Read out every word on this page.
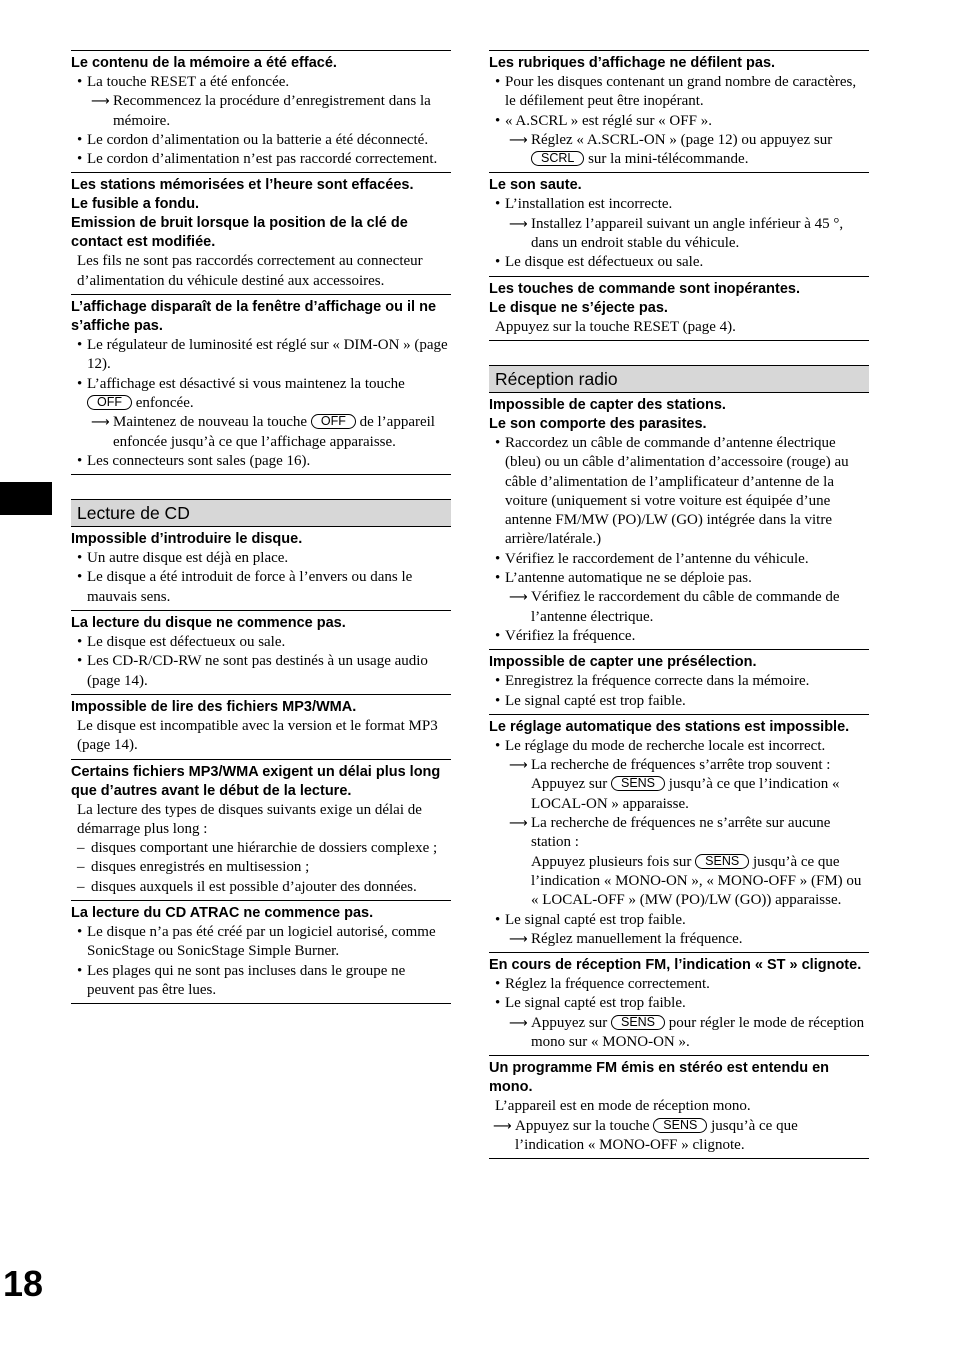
Le contenu de la mémoire a été effacé.
• La touche RESET a été enfoncée.
⟶ Recommencez la procédure d’enregistrement dans la mémoire.
• Le cordon d’alimentation ou la batterie a été déconnecté.
• Le cordon d’alimentation n’est pas raccordé correctement.
Les stations mémorisées et l’heure sont effacées.
Le fusible a fondu.
Emission de bruit lorsque la position de la clé de contact est modifiée.
Les fils ne sont pas raccordés correctement au connecteur d’alimentation du véhicule destiné aux accessoires.
L’affichage disparaît de la fenêtre d’affichage ou il ne s’affiche pas.
• Le régulateur de luminosité est réglé sur « DIM-ON » (page 12).
• L’affichage est désactivé si vous maintenez la touche OFF enfoncée.
⟶ Maintenez de nouveau la touche OFF de l’appareil enfoncée jusqu’à ce que l’affichage apparaisse.
• Les connecteurs sont sales (page 16).
Lecture de CD
Impossible d’introduire le disque.
• Un autre disque est déjà en place.
• Le disque a été introduit de force à l’envers ou dans le mauvais sens.
La lecture du disque ne commence pas.
• Le disque est défectueux ou sale.
• Les CD-R/CD-RW ne sont pas destinés à un usage audio (page 14).
Impossible de lire des fichiers MP3/WMA.
Le disque est incompatible avec la version et le format MP3 (page 14).
Certains fichiers MP3/WMA exigent un délai plus long que d’autres avant le début de la lecture.
La lecture des types de disques suivants exige un délai de démarrage plus long :
– disques comportant une hiérarchie de dossiers complexe ;
– disques enregistrés en multisession ;
– disques auxquels il est possible d’ajouter des données.
La lecture du CD ATRAC ne commence pas.
• Le disque n’a pas été créé par un logiciel autorisé, comme SonicStage ou SonicStage Simple Burner.
• Les plages qui ne sont pas incluses dans le groupe ne peuvent pas être lues.
Les rubriques d’affichage ne défilent pas.
• Pour les disques contenant un grand nombre de caractères, le défilement peut être inopérant.
• « A.SCRL » est réglé sur « OFF ».
⟶ Réglez « A.SCRL-ON » (page 12) ou appuyez sur SCRL sur la mini-télécommande.
Le son saute.
• L’installation est incorrecte.
⟶ Installez l’appareil suivant un angle inférieur à 45 °, dans un endroit stable du véhicule.
• Le disque est défectueux ou sale.
Les touches de commande sont inopérantes.
Le disque ne s’éjecte pas.
Appuyez sur la touche RESET (page 4).
Réception radio
Impossible de capter des stations.
Le son comporte des parasites.
• Raccordez un câble de commande d’antenne électrique (bleu) ou un câble d’alimentation d’accessoire (rouge) au câble d’alimentation de l’amplificateur d’antenne de la voiture (uniquement si votre voiture est équipée d’une antenne FM/MW (PO)/LW (GO) intégrée dans la vitre arrière/latérale.)
• Vérifiez le raccordement de l’antenne du véhicule.
• L’antenne automatique ne se déploie pas.
⟶ Vérifiez le raccordement du câble de commande de l’antenne électrique.
• Vérifiez la fréquence.
Impossible de capter une présélection.
• Enregistrez la fréquence correcte dans la mémoire.
• Le signal capté est trop faible.
Le réglage automatique des stations est impossible.
• Le réglage du mode de recherche locale est incorrect.
⟶ La recherche de fréquences s’arrête trop souvent :
Appuyez sur SENS jusqu’à ce que l’indication « LOCAL-ON » apparaisse.
⟶ La recherche de fréquences ne s’arrête sur aucune station :
Appuyez plusieurs fois sur SENS jusqu’à ce que l’indication « MONO-ON », « MONO-OFF » (FM) ou « LOCAL-OFF » (MW (PO)/LW (GO)) apparaisse.
• Le signal capté est trop faible.
⟶ Réglez manuellement la fréquence.
En cours de réception FM, l’indication « ST » clignote.
• Réglez la fréquence correctement.
• Le signal capté est trop faible.
⟶ Appuyez sur SENS pour régler le mode de réception mono sur « MONO-ON ».
Un programme FM émis en stéréo est entendu en mono.
L’appareil est en mode de réception mono.
⟶ Appuyez sur la touche SENS jusqu’à ce que l’indication « MONO-OFF » clignote.
18
